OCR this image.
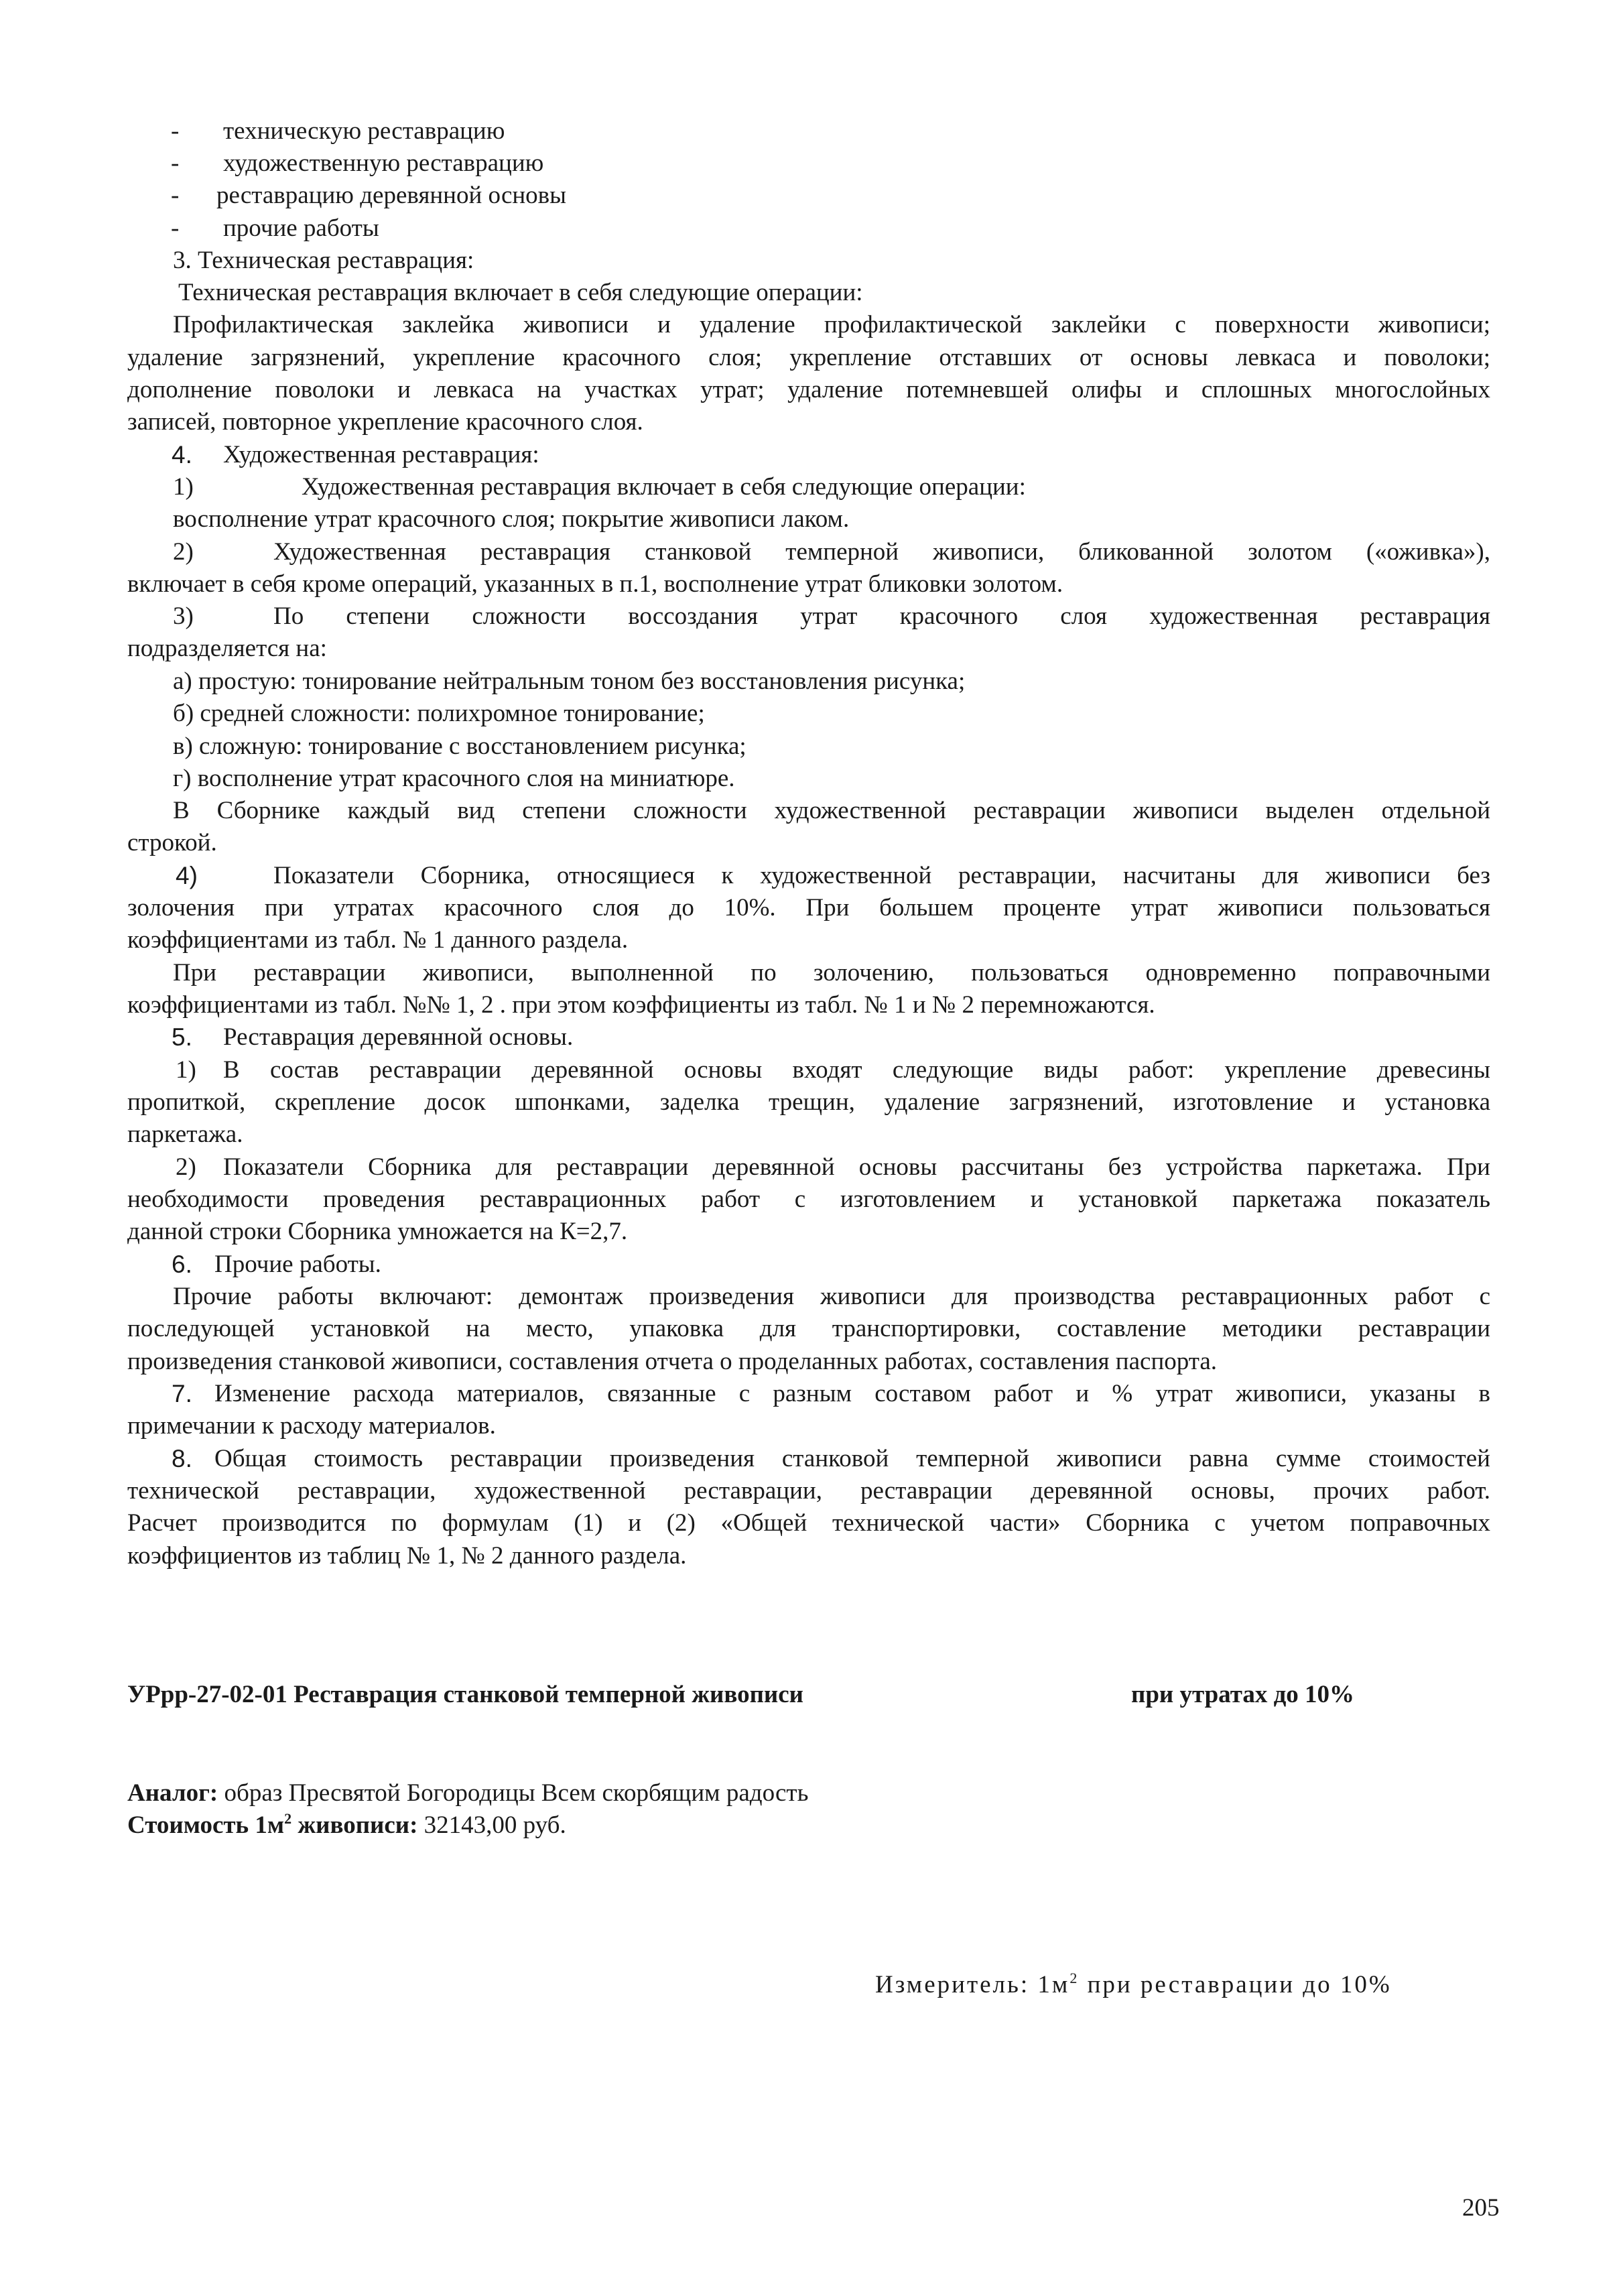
- техническую реставрацию
- художественную реставрацию
- реставрацию деревянной основы
- прочие работы
3. Техническая реставрация:
Техническая реставрация включает в себя следующие операции:
Профилактическая заклейка живописи и удаление профилактической заклейки с поверхности живописи;
удаление загрязнений, укрепление красочного слоя; укрепление отставших от основы левкаса и поволоки;
дополнение поволоки и левкаса на участках утрат; удаление потемневшей олифы и сплошных многослойных
записей, повторное укрепление красочного слоя.
4. Художественная реставрация:
1)	Художественная реставрация включает в себя следующие операции:
восполнение утрат красочного слоя; покрытие живописи лаком.
2)	Художественная реставрация станковой темперной живописи, бликованной золотом («оживка»),
включает в себя кроме операций, указанных в п.1, восполнение утрат бликовки золотом.
3)	По степени сложности воссоздания утрат красочного слоя художественная реставрация
подразделяется на:
а) простую: тонирование нейтральным тоном без восстановления рисунка;
б) средней сложности: полихромное тонирование;
в) сложную: тонирование с восстановлением рисунка;
г) восполнение утрат красочного слоя на миниатюре.
В Сборнике каждый вид степени сложности художественной реставрации живописи выделен отдельной
строкой.
4)	Показатели Сборника, относящиеся к художественной реставрации, насчитаны для живописи без
золочения при утратах красочного слоя до 10%. При большем проценте утрат живописи пользоваться
коэффициентами из табл. № 1 данного раздела.
При реставрации живописи, выполненной по золочению, пользоваться одновременно поправочными
коэффициентами из табл. №№ 1, 2 . при этом коэффициенты из табл. № 1 и № 2 перемножаются.
5. Реставрация деревянной основы.
1) В состав реставрации деревянной основы входят следующие виды работ: укрепление древесины
пропиткой, скрепление досок шпонками, заделка трещин, удаление загрязнений, изготовление и установка
паркетажа.
2) Показатели Сборника для реставрации деревянной основы рассчитаны без устройства паркетажа. При
необходимости проведения реставрационных работ с изготовлением и установкой паркетажа показатель
данной строки Сборника умножается на К=2,7.
6. Прочие работы.
Прочие работы включают: демонтаж произведения живописи для производства реставрационных работ с
последующей установкой на место, упаковка для транспортировки, составление методики реставрации
произведения станковой живописи, составления отчета о проделанных работах, составления паспорта.
7. Изменение расхода материалов, связанные с разным составом работ и % утрат живописи, указаны в
примечании к расходу материалов.
8. Общая стоимость реставрации произведения станковой темперной живописи равна сумме стоимостей
технической реставрации, художественной реставрации, реставрации деревянной основы, прочих работ.
Расчет производится по формулам (1) и (2) «Общей технической части» Сборника с учетом поправочных
коэффициентов из таблиц № 1, № 2 данного раздела.
УРрр-27-02-01 Реставрация станковой темперной живописи	при утратах до 10%
Аналог: образ Пресвятой Богородицы Всем скорбящим радость
Стоимость $1м^2$ живописи: 32143,00 руб.
Измеритель: $1м^2$ при реставрации до 10%
205
